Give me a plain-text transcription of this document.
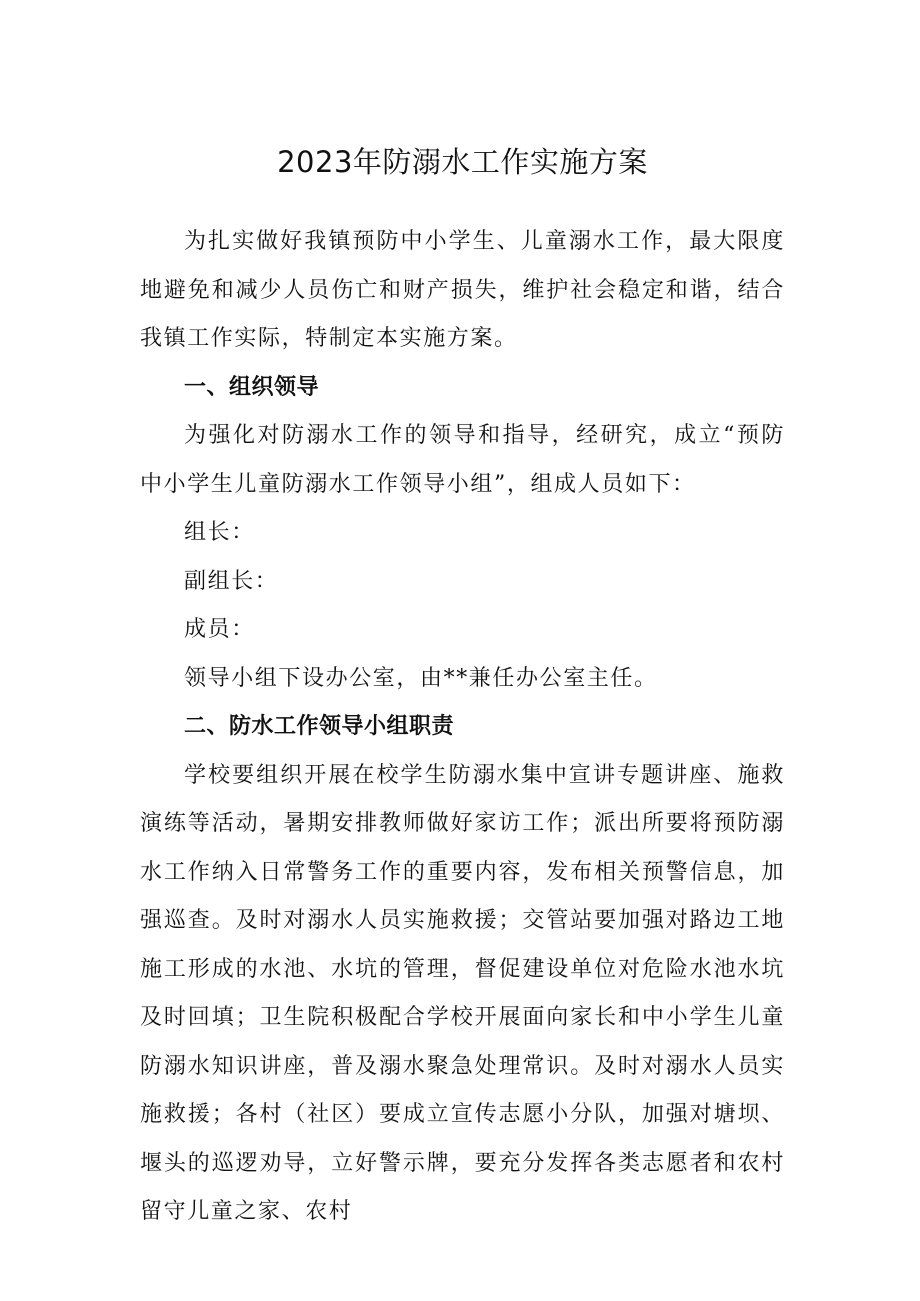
2023年防溺水工作实施方案

为扎实做好我镇预防中小学生、儿童溺水工作，最大限度地避免和减少人员伤亡和财产损失，维护社会稳定和谐，结合我镇工作实际，特制定本实施方案。

一、组织领导

为强化对防溺水工作的领导和指导，经研究，成立“预防中小学生儿童防溺水工作领导小组”，组成人员如下：

组长：

副组长：

成员：

领导小组下设办公室，由**兼任办公室主任。

二、防水工作领导小组职责

学校要组织开展在校学生防溺水集中宣讲专题讲座、施救演练等活动，暑期安排教师做好家访工作；派出所要将预防溺水工作纳入日常警务工作的重要内容，发布相关预警信息，加强巡查。及时对溺水人员实施救援；交管站要加强对路边工地施工形成的水池、水坑的管理，督促建设单位对危险水池水坑及时回填；卫生院积极配合学校开展面向家长和中小学生儿童防溺水知识讲座，普及溺水聚急处理常识。及时对溺水人员实施救援；各村（社区）要成立宣传志愿小分队，加强对塘坝、堰头的巡逻劝导，立好警示牌，要充分发挥各类志愿者和农村留守儿童之家、农村
